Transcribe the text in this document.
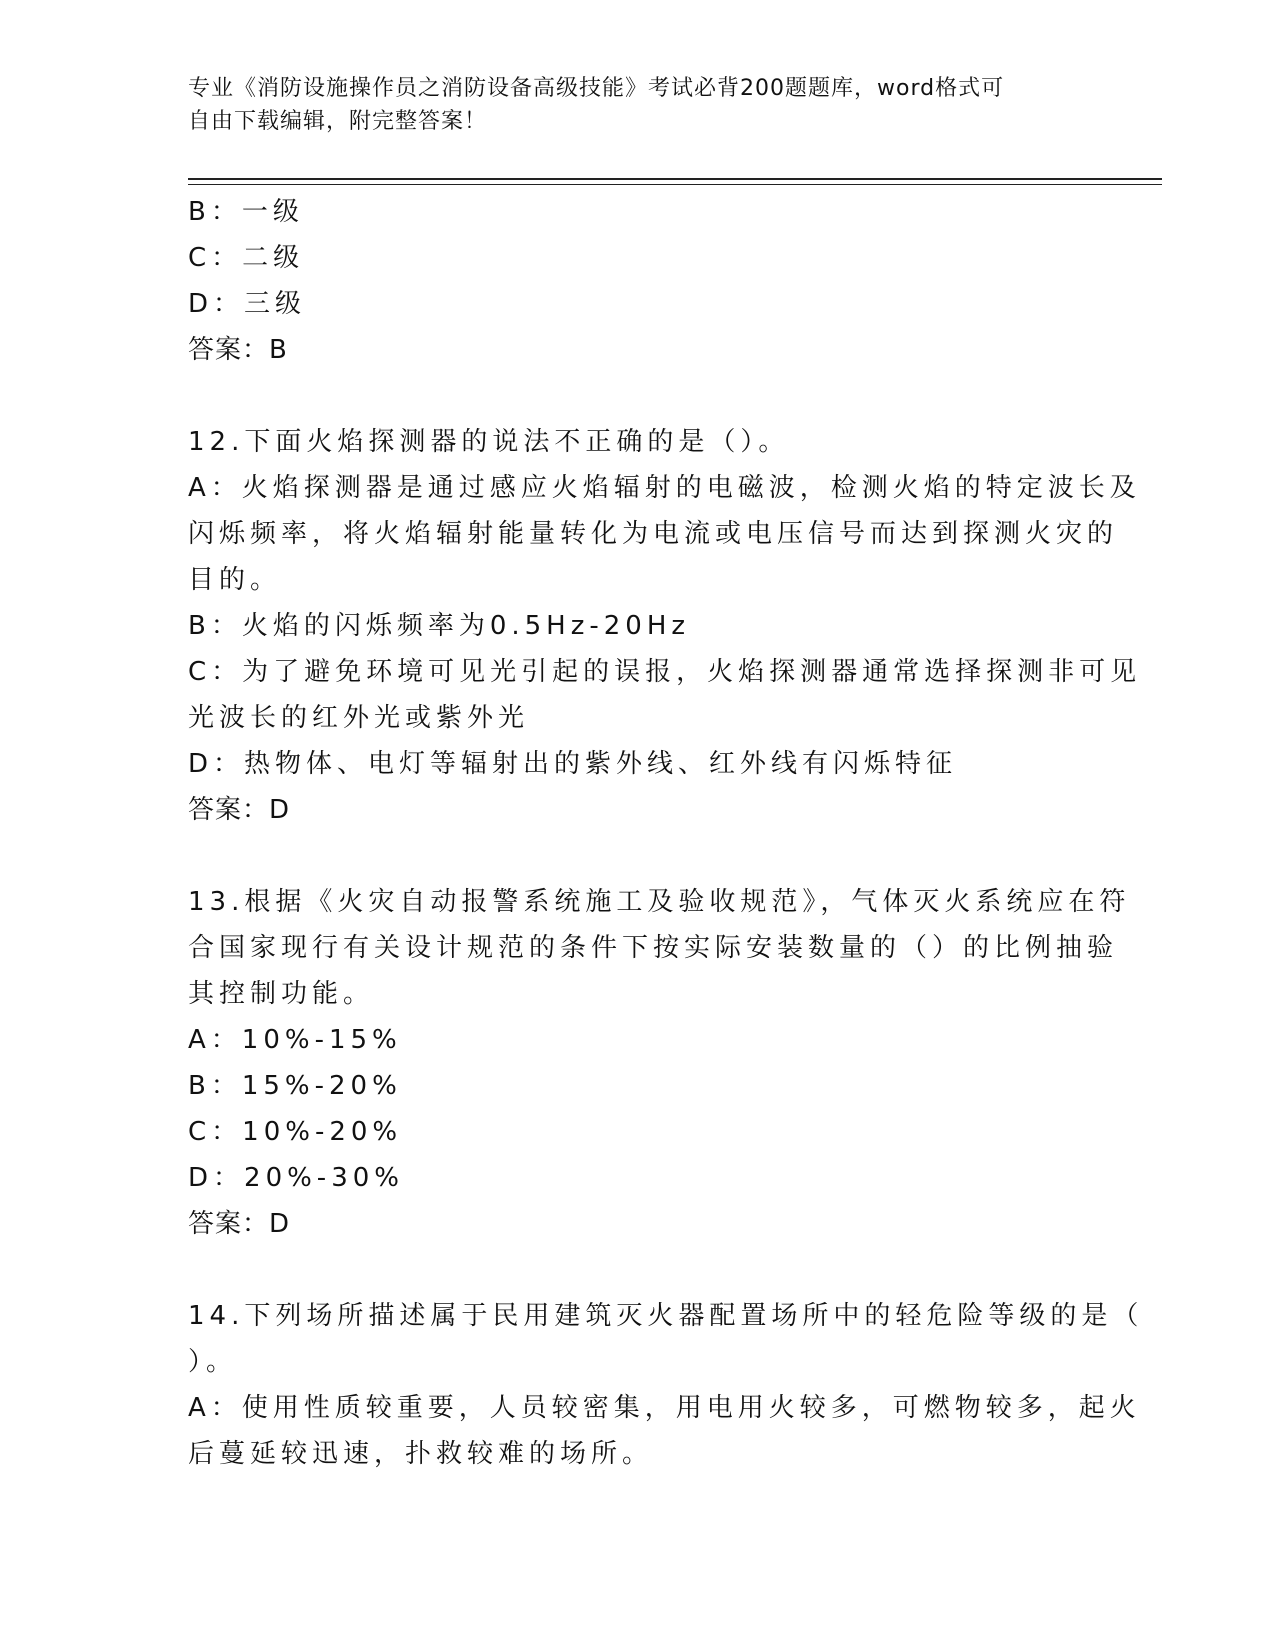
专业《消防设施操作员之消防设备高级技能》考试必背200题题库，word格式可
自由下载编辑，附完整答案！
B：一级
C：二级
D：三级
答案：B
12.下面火焰探测器的说法不正确的是（）。
A：火焰探测器是通过感应火焰辐射的电磁波，检测火焰的特定波长及
闪烁频率，将火焰辐射能量转化为电流或电压信号而达到探测火灾的
目的。
B：火焰的闪烁频率为0.5Hz-20Hz
C：为了避免环境可见光引起的误报，火焰探测器通常选择探测非可见
光波长的红外光或紫外光
D：热物体、电灯等辐射出的紫外线、红外线有闪烁特征
答案：D
13.根据《火灾自动报警系统施工及验收规范》，气体灭火系统应在符
合国家现行有关设计规范的条件下按实际安装数量的（）的比例抽验
其控制功能。
A：10%-15%
B：15%-20%
C：10%-20%
D：20%-30%
答案：D
14.下列场所描述属于民用建筑灭火器配置场所中的轻危险等级的是（
）。
A：使用性质较重要，人员较密集，用电用火较多，可燃物较多，起火
后蔓延较迅速，扑救较难的场所。
